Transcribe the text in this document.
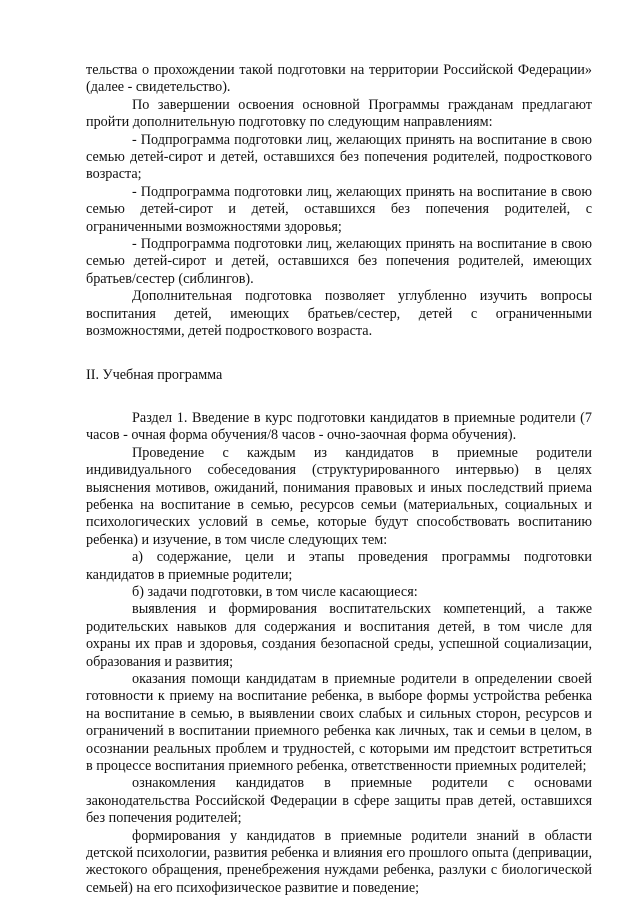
тельства о прохождении такой подготовки на территории Российской Федерации» (далее - свидетельство).

По завершении освоения основной Программы гражданам предлагают пройти дополнительную подготовку по следующим направлениям:

- Подпрограмма подготовки лиц, желающих принять на воспитание в свою семью детей-сирот и детей, оставшихся без попечения родителей, подросткового возраста;

- Подпрограмма подготовки лиц, желающих принять на воспитание в свою семью детей-сирот и детей, оставшихся без попечения родителей, с ограниченными возможностями здоровья;

- Подпрограмма подготовки лиц, желающих принять на воспитание в свою семью детей-сирот и детей, оставшихся без попечения родителей, имеющих братьев/сестер (сиблингов).

Дополнительная подготовка позволяет углубленно изучить вопросы воспитания детей, имеющих братьев/сестер, детей с ограниченными возможностями, детей подросткового возраста.

II. Учебная программа

Раздел 1. Введение в курс подготовки кандидатов в приемные родители (7 часов - очная форма обучения/8 часов - очно-заочная форма обучения).

Проведение с каждым из кандидатов в приемные родители индивидуального собеседования (структурированного интервью) в целях выяснения мотивов, ожиданий, понимания правовых и иных последствий приема ребенка на воспитание в семью, ресурсов семьи (материальных, социальных и психологических условий в семье, которые будут способствовать воспитанию ребенка) и изучение, в том числе следующих тем:

а) содержание, цели и этапы проведения программы подготовки кандидатов в приемные родители;

б) задачи подготовки, в том числе касающиеся:

выявления и формирования воспитательских компетенций, а также родительских навыков для содержания и воспитания детей, в том числе для охраны их прав и здоровья, создания безопасной среды, успешной социализации, образования и развития;

оказания помощи кандидатам в приемные родители в определении своей готовности к приему на воспитание ребенка, в выборе формы устройства ребенка на воспитание в семью, в выявлении своих слабых и сильных сторон, ресурсов и ограничений в воспитании приемного ребенка как личных, так и семьи в целом, в осознании реальных проблем и трудностей, с которыми им предстоит встретиться в процессе воспитания приемного ребенка, ответственности приемных родителей;

ознакомления кандидатов в приемные родители с основами законодательства Российской Федерации в сфере защиты прав детей, оставшихся без попечения родителей;

формирования у кандидатов в приемные родители знаний в области детской психологии, развития ребенка и влияния его прошлого опыта (депривации, жестокого обращения, пренебрежения нуждами ребенка, разлуки с биологической семьей) на его психофизическое развитие и поведение;
